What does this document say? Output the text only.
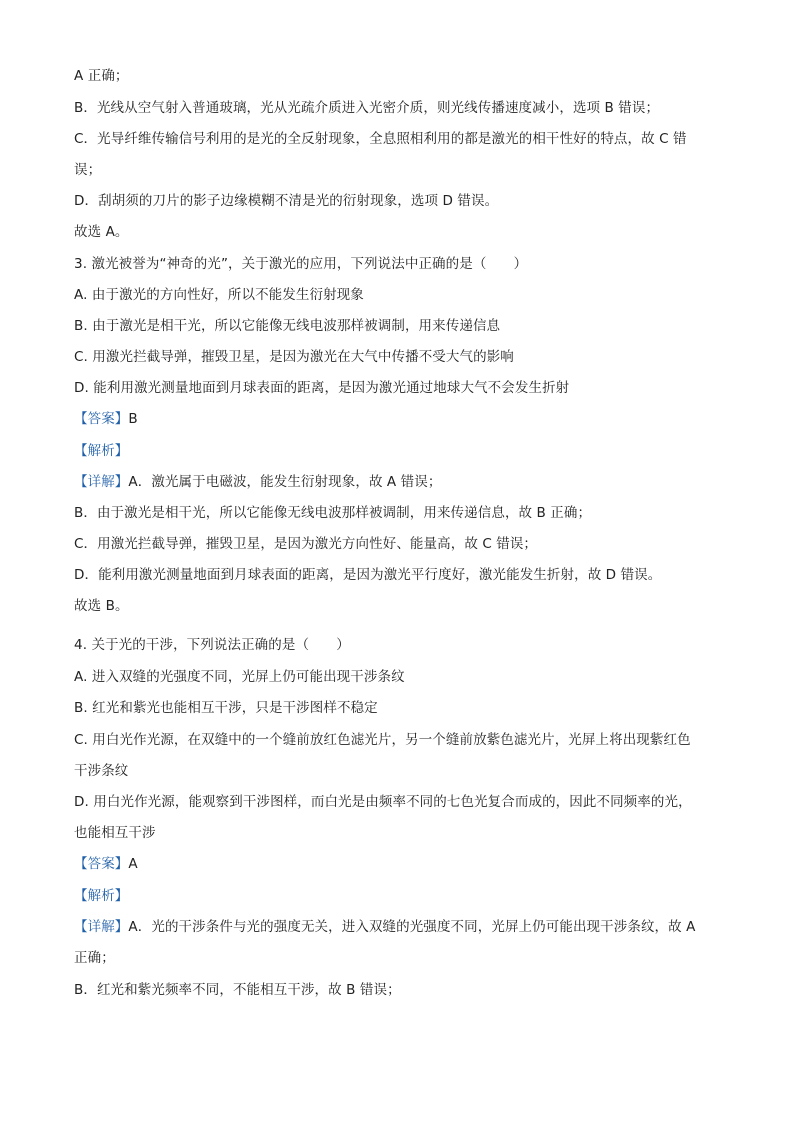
A 正确；
B．光线从空气射入普通玻璃，光从光疏介质进入光密介质，则光线传播速度减小，选项 B 错误；
C．光导纤维传输信号利用的是光的全反射现象，全息照相利用的都是激光的相干性好的特点，故 C 错
误；
D．刮胡须的刀片的影子边缘模糊不清是光的衍射现象，选项 D 错误。
故选 A。
3. 激光被誉为“神奇的光”，关于激光的应用，下列说法中正确的是（　　）
A. 由于激光的方向性好，所以不能发生衍射现象
B. 由于激光是相干光，所以它能像无线电波那样被调制，用来传递信息
C. 用激光拦截导弹，摧毁卫星，是因为激光在大气中传播不受大气的影响
D. 能利用激光测量地面到月球表面的距离，是因为激光通过地球大气不会发生折射
【答案】B
【解析】
【详解】A．激光属于电磁波，能发生衍射现象，故 A 错误；
B．由于激光是相干光，所以它能像无线电波那样被调制，用来传递信息，故 B 正确；
C．用激光拦截导弹，摧毁卫星，是因为激光方向性好、能量高，故 C 错误；
D．能利用激光测量地面到月球表面的距离，是因为激光平行度好，激光能发生折射，故 D 错误。
故选 B。
4. 关于光的干涉，下列说法正确的是（　　）
A. 进入双缝的光强度不同，光屏上仍可能出现干涉条纹
B. 红光和紫光也能相互干涉，只是干涉图样不稳定
C. 用白光作光源，在双缝中的一个缝前放红色滤光片，另一个缝前放紫色滤光片，光屏上将出现紫红色
干涉条纹
D. 用白光作光源，能观察到干涉图样，而白光是由频率不同的七色光复合而成的，因此不同频率的光，
也能相互干涉
【答案】A
【解析】
【详解】A．光的干涉条件与光的强度无关，进入双缝的光强度不同，光屏上仍可能出现干涉条纹，故 A
正确；
B．红光和紫光频率不同，不能相互干涉，故 B 错误；
